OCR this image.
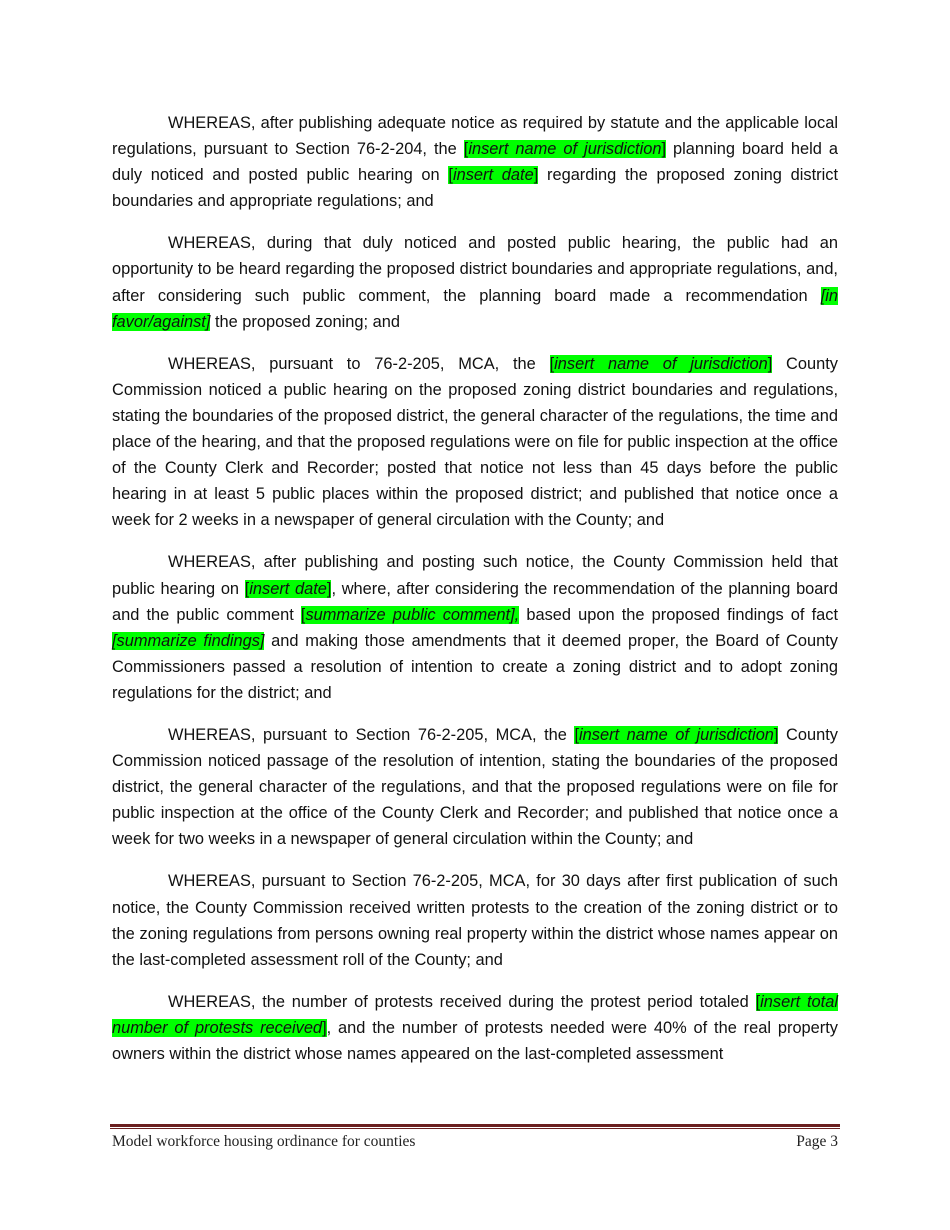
WHEREAS, after publishing adequate notice as required by statute and the applicable local regulations, pursuant to Section 76-2-204, the [insert name of jurisdiction] planning board held a duly noticed and posted public hearing on [insert date] regarding the proposed zoning district boundaries and appropriate regulations; and

WHEREAS, during that duly noticed and posted public hearing, the public had an opportunity to be heard regarding the proposed district boundaries and appropriate regulations, and, after considering such public comment, the planning board made a recommendation [in favor/against] the proposed zoning; and

WHEREAS, pursuant to 76-2-205, MCA, the [insert name of jurisdiction] County Commission noticed a public hearing on the proposed zoning district boundaries and regulations, stating the boundaries of the proposed district, the general character of the regulations, the time and place of the hearing, and that the proposed regulations were on file for public inspection at the office of the County Clerk and Recorder; posted that notice not less than 45 days before the public hearing in at least 5 public places within the proposed district; and published that notice once a week for 2 weeks in a newspaper of general circulation with the County; and

WHEREAS, after publishing and posting such notice, the County Commission held that public hearing on [insert date], where, after considering the recommendation of the planning board and the public comment [summarize public comment], based upon the proposed findings of fact [summarize findings] and making those amendments that it deemed proper, the Board of County Commissioners passed a resolution of intention to create a zoning district and to adopt zoning regulations for the district; and

WHEREAS, pursuant to Section 76-2-205, MCA, the [insert name of jurisdiction] County Commission noticed passage of the resolution of intention, stating the boundaries of the proposed district, the general character of the regulations, and that the proposed regulations were on file for public inspection at the office of the County Clerk and Recorder; and published that notice once a week for two weeks in a newspaper of general circulation within the County; and

WHEREAS, pursuant to Section 76-2-205, MCA, for 30 days after first publication of such notice, the County Commission received written protests to the creation of the zoning district or to the zoning regulations from persons owning real property within the district whose names appear on the last-completed assessment roll of the County; and

WHEREAS, the number of protests received during the protest period totaled [insert total number of protests received], and the number of protests needed were 40% of the real property owners within the district whose names appeared on the last-completed assessment

Model workforce housing ordinance for counties	Page 3
